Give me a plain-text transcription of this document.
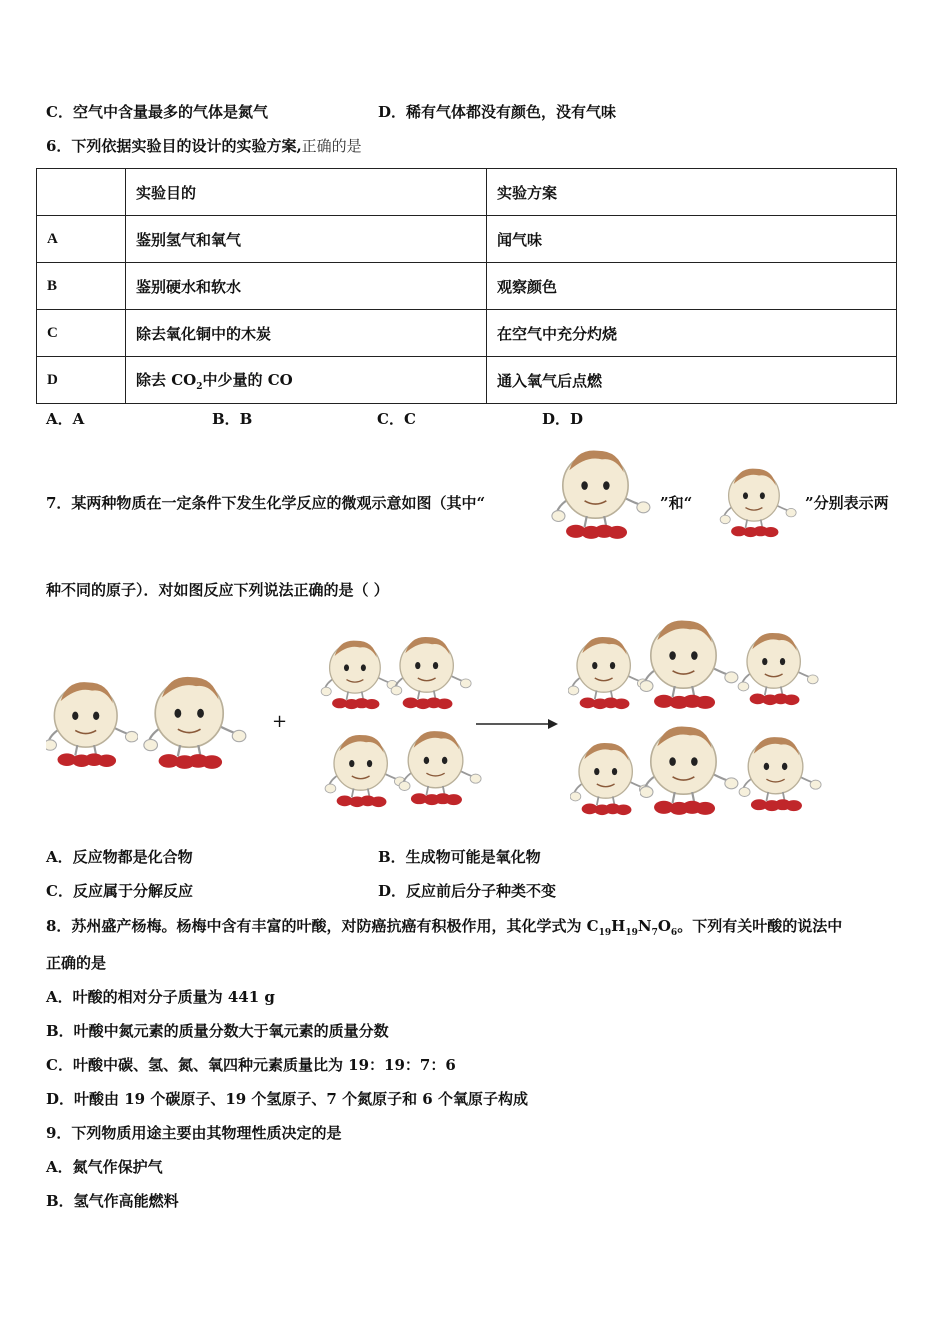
C．空气中含量最多的气体是氮气	D．稀有气体都没有颜色，没有气味
6．下列依据实验目的设计的实验方案,正确的是
	实验目的	实验方案
A	鉴别氢气和氧气	闻气味
B	鉴别硬水和软水	观察颜色
C	除去氧化铜中的木炭	在空气中充分灼烧
D	除去 $CO_2$中少量的 CO	通入氧气后点燃
A．A	B．B	C．C	D．D
7．某两种物质在一定条件下发生化学反应的微观示意如图（其中“	”和“	”分别表示两
种不同的原子）．对如图反应下列说法正确的是（ ）
+
A．反应物都是化合物	B．生成物可能是氧化物
C．反应属于分解反应	D．反应前后分子种类不变
8．苏州盛产杨梅。杨梅中含有丰富的叶酸，对防癌抗癌有积极作用，其化学式为 $C_{19}H_{19}N_7O_6$。下列有关叶酸的说法中
正确的是
A．叶酸的相对分子质量为 441 g
B．叶酸中氮元素的质量分数大于氧元素的质量分数
C．叶酸中碳、氢、氮、氧四种元素质量比为 19：19：7：6
D．叶酸由 19 个碳原子、19 个氢原子、7 个氮原子和 6 个氧原子构成
9．下列物质用途主要由其物理性质决定的是
A．氮气作保护气
B．氢气作高能燃料
